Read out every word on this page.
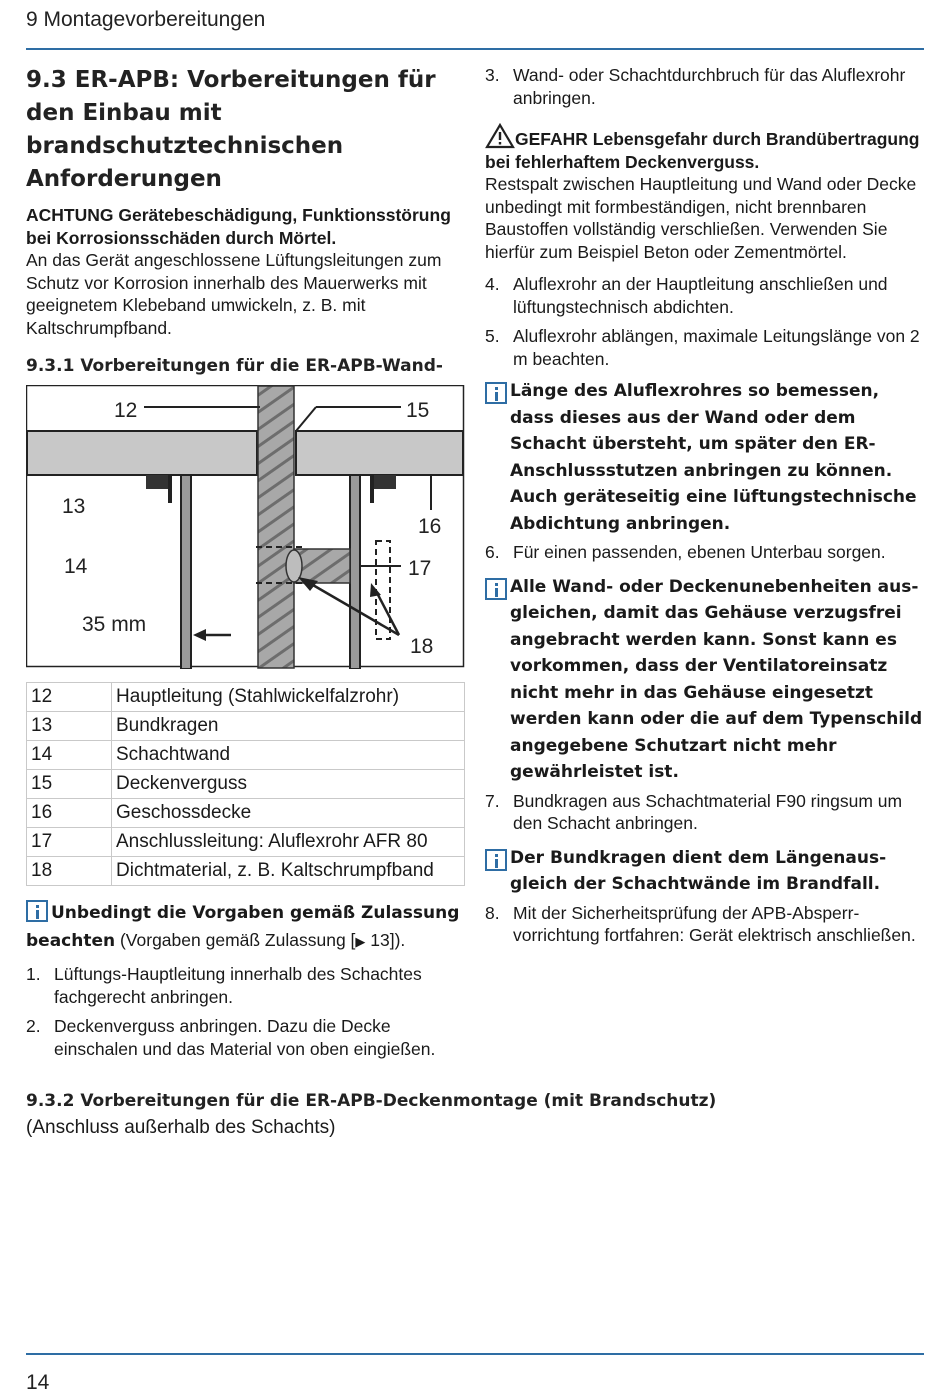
9 Montagevorbereitungen
9.3 ER-APB: Vorbereitungen für den Einbau mit brandschutztechnischen Anforderungen

ACHTUNG Gerätebeschädigung, Funktionsstörung bei Korrosionsschäden durch Mörtel.
An das Gerät angeschlossene Lüftungsleitungen zum Schutz vor Korrosion innerhalb des Mauerwerks mit geeignetem Klebeband umwickeln, z. B. mit Kaltschrumpfband.

9.3.1 Vorbereitungen für die ER-APB-Wand
12
13
14
15
16
17
18
35 mm
12	Hauptleitung (Stahlwickelfalzrohr)
13	Bundkragen
14	Schachtwand
15	Deckenverguss
16	Geschossdecke
17	Anschlussleitung: Aluflexrohr AFR 80
18	Dichtmaterial, z. B. Kaltschrumpfband

Unbedingt die Vorgaben gemäß Zulassung beachten (Vorgaben gemäß Zulassung [▶ 13]).

1. Lüftungs-Hauptleitung innerhalb des Schachtes fachgerecht anbringen.
2. Deckenverguss anbringen. Dazu die Decke einschalen und das Material von oben eingießen.
3. Wand- oder Schachtdurchbruch für das Aluflexrohr anbringen.

GEFAHR Lebensgefahr durch Brandübertragung bei fehlerhaftem Deckenverguss.
Restspalt zwischen Hauptleitung und Wand oder Decke unbedingt mit formbeständigen, nicht brennbaren Baustoffen vollständig verschließen. Verwenden Sie hierfür zum Beispiel Beton oder Zementmörtel.

4. Aluflexrohr an der Hauptleitung anschließen und lüftungstechnisch abdichten.
5. Aluflexrohr ablängen, maximale Leitungslänge von 2 m beachten.
Länge des Aluflexrohres so bemessen, dass dieses aus der Wand oder dem Schacht übersteht, um später den ER-Anschlussstutzen anbringen zu können. Auch geräteseitig eine lüftungstechnische Abdichtung anbringen.
6. Für einen passenden, ebenen Unterbau sorgen.
Alle Wand- oder Deckenunebenheiten ausgleichen, damit das Gehäuse verzugsfrei angebracht werden kann. Sonst kann es vorkommen, dass der Ventilatoreinsatz nicht mehr in das Gehäuse eingesetzt werden kann oder die auf dem Typenschild angegebene Schutzart nicht mehr gewährleistet ist.
7. Bundkragen aus Schachtmaterial F90 ringsum um den Schacht anbringen.
Der Bundkragen dient dem Längenausgleich der Schachtwände im Brandfall.
8. Mit der Sicherheitsprüfung der APB-Absperrvorrichtung fortfahren: Gerät elektrisch anschließen.
9.3.2 Vorbereitungen für die ER-APB-Deckenmontage (mit Brandschutz)
(Anschluss außerhalb des Schachts)
14
